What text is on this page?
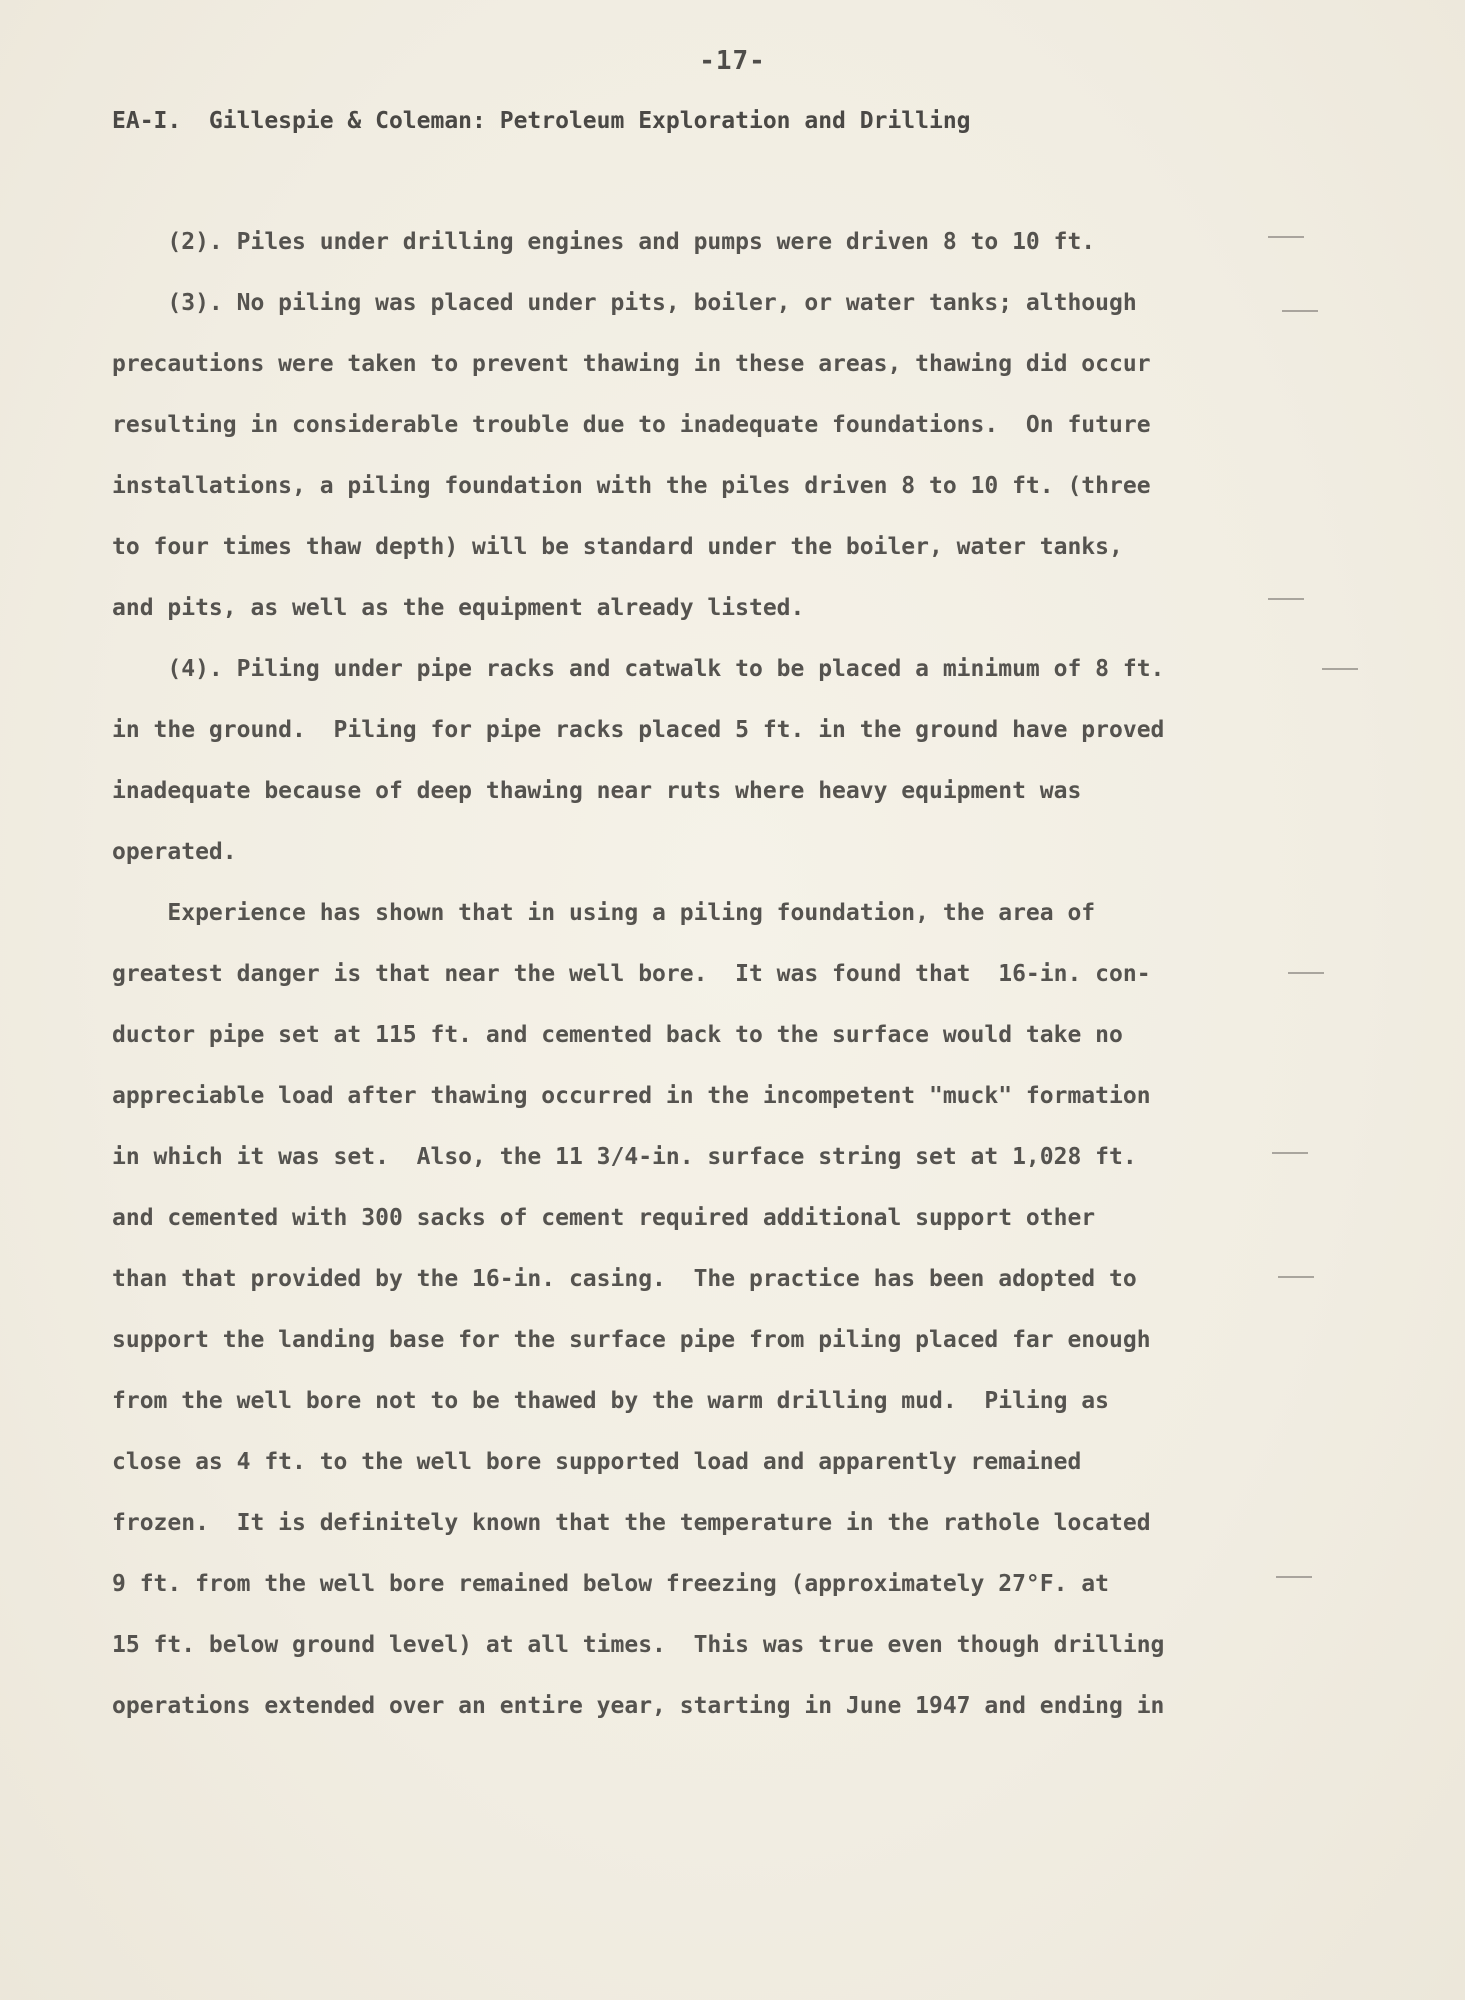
-17-
EA-I.  Gillespie & Coleman: Petroleum Exploration and Drilling
(2). Piles under drilling engines and pumps were driven 8 to 10 ft.
(3). No piling was placed under pits, boiler, or water tanks; although
precautions were taken to prevent thawing in these areas, thawing did occur
resulting in considerable trouble due to inadequate foundations.  On future
installations, a piling foundation with the piles driven 8 to 10 ft. (three
to four times thaw depth) will be standard under the boiler, water tanks,
and pits, as well as the equipment already listed.
(4). Piling under pipe racks and catwalk to be placed a minimum of 8 ft.
in the ground.  Piling for pipe racks placed 5 ft. in the ground have proved
inadequate because of deep thawing near ruts where heavy equipment was
operated.
Experience has shown that in using a piling foundation, the area of
greatest danger is that near the well bore.  It was found that  16-in. con-
ductor pipe set at 115 ft. and cemented back to the surface would take no
appreciable load after thawing occurred in the incompetent "muck" formation
in which it was set.  Also, the 11 3/4-in. surface string set at 1,028 ft.
and cemented with 300 sacks of cement required additional support other
than that provided by the 16-in. casing.  The practice has been adopted to
support the landing base for the surface pipe from piling placed far enough
from the well bore not to be thawed by the warm drilling mud.  Piling as
close as 4 ft. to the well bore supported load and apparently remained
frozen.  It is definitely known that the temperature in the rathole located
9 ft. from the well bore remained below freezing (approximately 27°F. at
15 ft. below ground level) at all times.  This was true even though drilling
operations extended over an entire year, starting in June 1947 and ending in
